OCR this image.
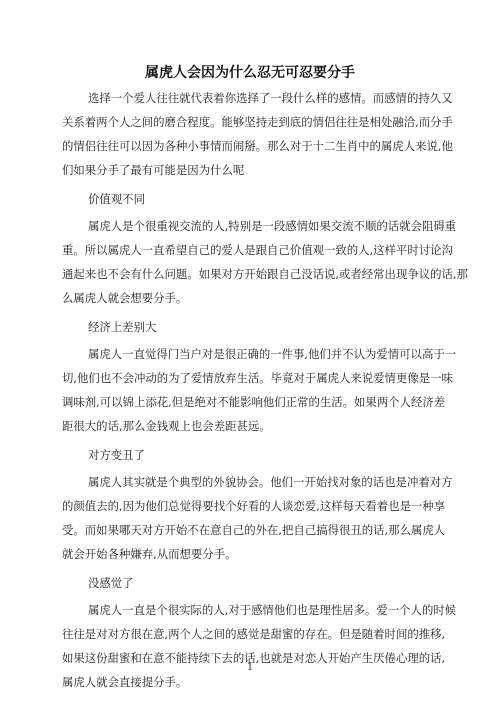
属虎人会因为什么忍无可忍要分手
选择一个爱人往往就代表着你选择了一段什么样的感情。而感情的持久又
关系着两个人之间的磨合程度。能够坚持走到底的情侣往往是相处融洽,而分手
的情侣往往可以因为各种小事情而闹掰。那么对于十二生肖中的属虎人来说,他
们如果分手了最有可能是因为什么呢
价值观不同
属虎人是个很重视交流的人,特别是一段感情如果交流不顺的话就会阻碍重
重。所以属虎人一直希望自己的爱人是跟自己价值观一致的人,这样平时讨论沟
通起来也不会有什么问题。如果对方开始跟自己没话说,或者经常出现争议的话,那
么属虎人就会想要分手。
经济上差别大
属虎人一直觉得门当户对是很正确的一件事,他们并不认为爱情可以高于一
切,他们也不会冲动的为了爱情放弃生活。毕竟对于属虎人来说爱情更像是一味
调味剂,可以锦上添花,但是绝对不能影响他们正常的生活。如果两个人经济差
距很大的话,那么金钱观上也会差距甚远。
对方变丑了
属虎人其实就是个典型的外貌协会。他们一开始找对象的话也是冲着对方
的颜值去的,因为他们总觉得要找个好看的人谈恋爱,这样每天看着也是一种享
受。而如果哪天对方开始不在意自己的外在,把自己搞得很丑的话,那么属虎人
就会开始各种嫌弃,从而想要分手。
没感觉了
属虎人一直是个很实际的人,对于感情他们也是理性居多。爱一个人的时候
往往是对对方很在意,两个人之间的感觉是甜蜜的存在。但是随着时间的推移,
如果这份甜蜜和在意不能持续下去的话,也就是对恋人开始产生厌倦心理的话,
属虎人就会直接提分手。
1
